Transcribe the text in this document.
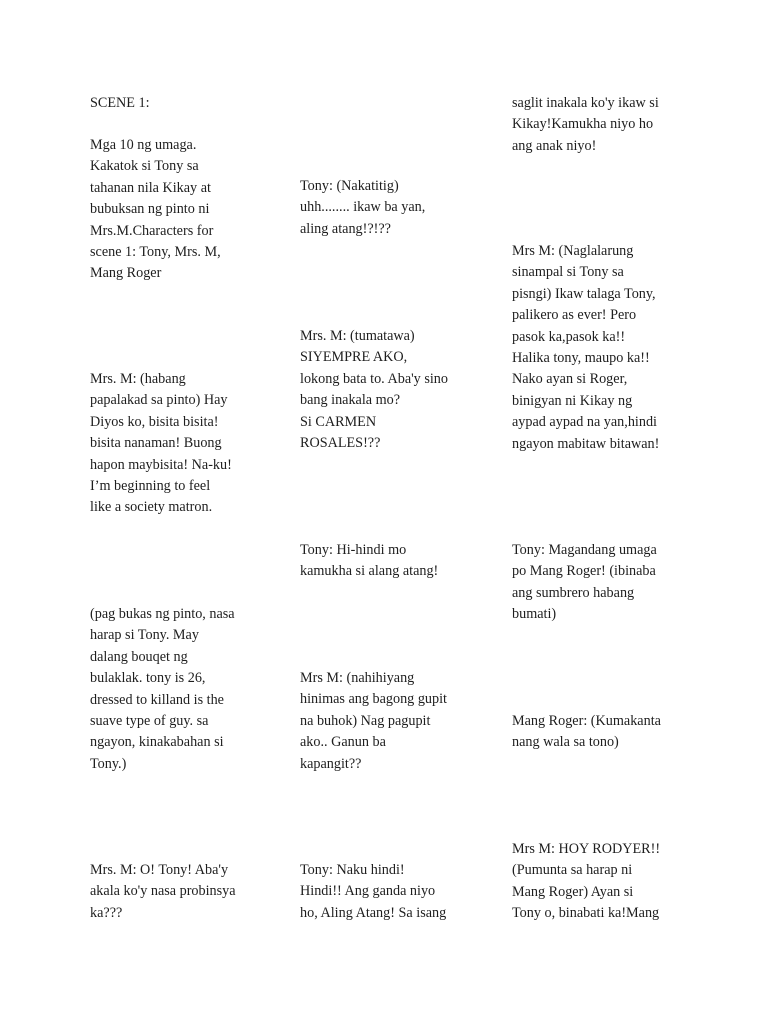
SCENE 1:
Mga 10 ng umaga.
Kakatok si Tony sa
tahanan nila Kikay at
bubuksan ng pinto ni
Mrs.M.Characters for
scene 1: Tony, Mrs. M,
Mang Roger
Mrs. M: (habang
papalakad sa pinto) Hay
Diyos ko, bisita bisita!
bisita nanaman! Buong
hapon maybisita! Na-ku!
I’m beginning to feel
like a society matron.
(pag bukas ng pinto, nasa
harap si Tony. May
dalang bouqet ng
bulaklak. tony is 26,
dressed to killand is the
suave type of guy. sa
ngayon, kinakabahan si
Tony.)
Mrs. M: O! Tony! Aba'y
akala ko'y nasa probinsya
ka???
Tony: (Nakatitig)
uhh........ ikaw ba yan,
aling atang!?!??
Mrs. M: (tumatawa)
SIYEMPRE AKO,
lokong bata to. Aba'y sino
bang inakala mo?
Si CARMEN
ROSALES!??
Tony: Hi-hindi mo
kamukha si alang atang!
Mrs M: (nahihiyang
hinimas ang bagong gupit
na buhok) Nag pagupit
ako.. Ganun ba
kapangit??
Tony: Naku hindi!
Hindi!! Ang ganda niyo
ho, Aling Atang! Sa isang
saglit inakala ko'y ikaw si
Kikay!Kamukha niyo ho
ang anak niyo!
Mrs M: (Naglalarung
sinampal si Tony sa
pisngi) Ikaw talaga Tony,
palikero as ever! Pero
pasok ka,pasok ka!!
Halika tony, maupo ka!!
Nako ayan si Roger,
binigyan ni Kikay ng
aypad aypad na yan,hindi
ngayon mabitaw bitawan!
Tony: Magandang umaga
po Mang Roger! (ibinaba
ang sumbrero habang
bumati)
Mang Roger: (Kumakanta
nang wala sa tono)
Mrs M: HOY RODYER!!
(Pumunta sa harap ni
Mang Roger) Ayan si
Tony o, binabati ka!Mang
